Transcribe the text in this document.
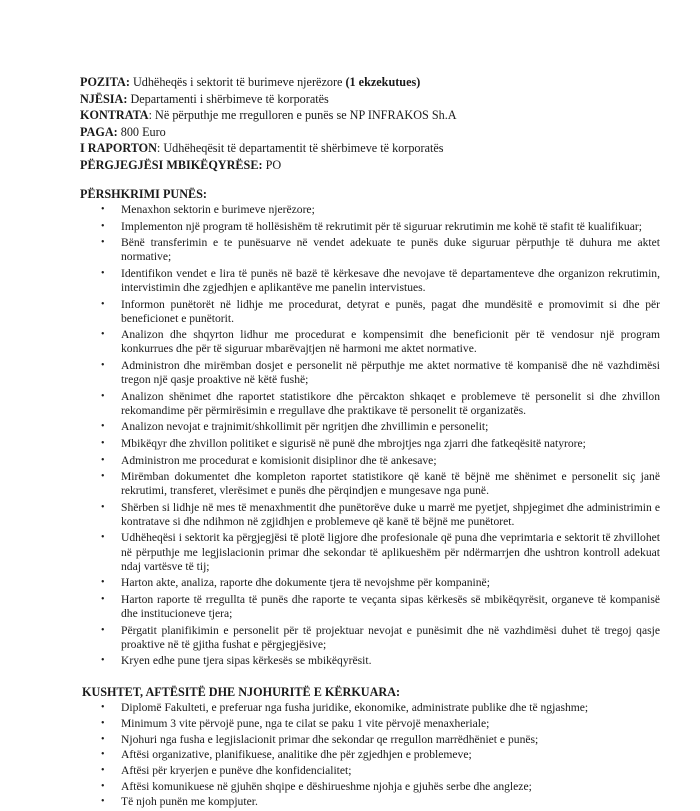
POZITA: Udhëheqës i sektorit të burimeve njerëzore (1 ekzekutues)
NJËSIA: Departamenti i shërbimeve të korporatës
KONTRATA: Në përputhje me rregulloren e punës se NP INFRAKOS Sh.A
PAGA: 800 Euro
I RAPORTON: Udhëheqësit të departamentit të shërbimeve të korporatës
PËRGJEGJËSI MBIKËQYRËSE: PO
PËRSHKRIMI PUNËS:
• Menaxhon sektorin e burimeve njerëzore;
• Implementon një program të hollësishëm të rekrutimit për të siguruar rekrutimin me kohë të stafit të kualifikuar;
• Bënë transferimin e te punësuarve në vendet adekuate te punës duke siguruar përputhje të duhura me aktet normative;
• Identifikon vendet e lira të punës në bazë të kërkesave dhe nevojave të departamenteve dhe organizon rekrutimin, intervistimin dhe zgjedhjen e aplikantëve me panelin intervistues.
• Informon punëtorët në lidhje me procedurat, detyrat e punës, pagat dhe mundësitë e promovimit si dhe për beneficionet e punëtorit.
• Analizon dhe shqyrton lidhur me procedurat e kompensimit dhe beneficionit për të vendosur një program konkurrues dhe për të siguruar mbarëvajtjen në harmoni me aktet normative.
• Administron dhe mirëmban dosjet e personelit në përputhje me aktet normative të kompanisë dhe në vazhdimësi tregon një qasje proaktive në këtë fushë;
• Analizon shënimet dhe raportet statistikore dhe përcakton shkaqet e problemeve të personelit si dhe zhvillon rekomandime për përmirësimin e rregullave dhe praktikave të personelit të organizatës.
• Analizon nevojat e trajnimit/shkollimit për ngritjen dhe zhvillimin e personelit;
• Mbikëqyr dhe zhvillon politiket e sigurisë në punë dhe mbrojtjes nga zjarri dhe fatkeqësitë natyrore;
• Administron me procedurat e komisionit disiplinor dhe të ankesave;
• Mirëmban dokumentet dhe kompleton raportet statistikore që kanë të bëjnë me shënimet e personelit siç janë rekrutimi, transferet, vlerësimet e punës dhe përqindjen e mungesave nga punë.
• Shërben si lidhje në mes të menaxhmentit dhe punëtorëve duke u marrë me pyetjet, shpjegimet dhe administrimin e kontratave si dhe ndihmon në zgjidhjen e problemeve që kanë të bëjnë me punëtoret.
• Udhëheqësi i sektorit ka përgjegjësi të plotë ligjore dhe profesionale që puna dhe veprimtaria e sektorit të zhvillohet në përputhje me legjislacionin primar dhe sekondar të aplikueshëm për ndërmarrjen dhe ushtron kontroll adekuat ndaj vartësve të tij;
• Harton akte, analiza, raporte dhe dokumente tjera të nevojshme për kompaninë;
• Harton raporte të rregullta të punës dhe raporte te veçanta sipas kërkesës së mbikëqyrësit, organeve të kompanisë dhe institucioneve tjera;
• Përgatit planifikimin e personelit për të projektuar nevojat e punësimit dhe në vazhdimësi duhet të tregoj qasje proaktive në të gjitha fushat e përgjegjësive;
• Kryen edhe pune tjera sipas kërkesës se mbikëqyrësit.
KUSHTET, AFTËSITË DHE NJOHURITË E KËRKUARA:
• Diplomë Fakulteti, e preferuar nga fusha juridike, ekonomike, administrate publike dhe të ngjashme;
• Minimum 3 vite përvojë pune, nga te cilat se paku 1 vite përvojë menaxheriale;
• Njohuri nga fusha e legjislacionit primar dhe sekondar qe rregullon marrëdhëniet e punës;
• Aftësi organizative, planifikuese, analitike dhe për zgjedhjen e problemeve;
• Aftësi për kryerjen e punëve dhe konfidencialitet;
• Aftësi komunikuese në gjuhën shqipe e dëshirueshme njohja e gjuhës serbe dhe angleze;
• Të njoh punën me kompjuter.
